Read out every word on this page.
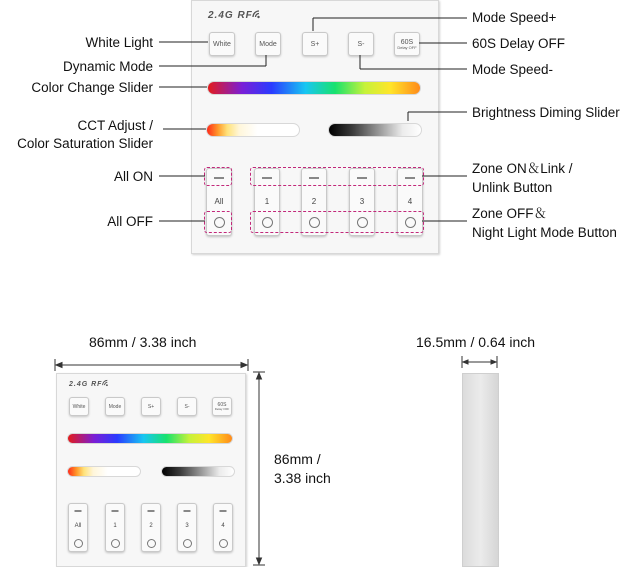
2.4G RF
White	Mode	S+	S-	60S
Delay OFF
All	1	2	3	4
White Light
Dynamic Mode
Color Change Slider
CCT Adjust /
Color Saturation Slider
All ON
All OFF
Mode Speed+
60S Delay OFF
Mode Speed-
Brightness Diming Slider
Zone ON＆Link /
Unlink Button
Zone OFF＆
Night Light Mode Button
86mm / 3.38 inch
2.4G RF
White	Mode	S+	S-	60S
Delay OFF
All	1	2	3	4
86mm /
3.38 inch
16.5mm / 0.64 inch
